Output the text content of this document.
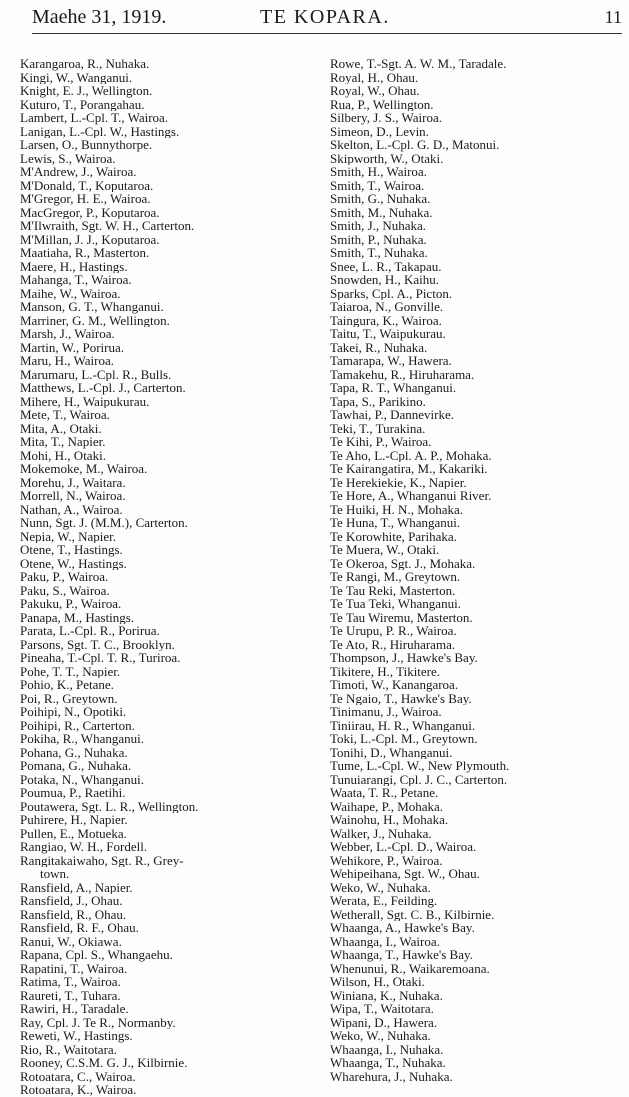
Maehe 31, 1919.	TE KOPARA.	11
Karangaroa, R., Nuhaka.
Kingi, W., Wanganui.
Knight, E. J., Wellington.
Kuturo, T., Porangahau.
Lambert, L.-Cpl. T., Wairoa.
Lanigan, L.-Cpl. W., Hastings.
Larsen, O., Bunnythorpe.
Lewis, S., Wairoa.
M'Andrew, J., Wairoa.
M'Donald, T., Koputaroa.
M'Gregor, H. E., Wairoa.
MacGregor, P., Koputaroa.
M'Ilwraith, Sgt. W. H., Carterton.
M'Millan, J. J., Koputaroa.
Maatiaha, R., Masterton.
Maere, H., Hastings.
Mahanga, T., Wairoa.
Maihe, W., Wairoa.
Manson, G. T., Whanganui.
Marriner, G. M., Wellington.
Marsh, J., Wairoa.
Martin, W., Porirua.
Maru, H., Wairoa.
Marumaru, L.-Cpl. R., Bulls.
Matthews, L.-Cpl. J., Carterton.
Mihere, H., Waipukurau.
Mete, T., Wairoa.
Mita, A., Otaki.
Mita, T., Napier.
Mohi, H., Otaki.
Mokemoke, M., Wairoa.
Morehu, J., Waitara.
Morrell, N., Wairoa.
Nathan, A., Wairoa.
Nunn, Sgt. J. (M.M.), Carterton.
Nepia, W., Napier.
Otene, T., Hastings.
Otene, W., Hastings.
Paku, P., Wairoa.
Paku, S., Wairoa.
Pakuku, P., Wairoa.
Panapa, M., Hastings.
Parata, L.-Cpl. R., Porirua.
Parsons, Sgt. T. C., Brooklyn.
Pineaha, T.-Cpl. T. R., Turiroa.
Pohe, T. T., Napier.
Pohio, K., Petane.
Poi, R., Greytown.
Poihipi, N., Opotiki.
Poihipi, R., Carterton.
Pokiha, R., Whanganui.
Pohana, G., Nuhaka.
Pomana, G., Nuhaka.
Potaka, N., Whanganui.
Poumua, P., Raetihi.
Poutawera, Sgt. L. R., Wellington.
Puhirere, H., Napier.
Pullen, E., Motueka.
Rangiao, W. H., Fordell.
Rangitakaiwaho, Sgt. R., Grey-
town.
Ransfield, A., Napier.
Ransfield, J., Ohau.
Ransfield, R., Ohau.
Ransfield, R. F., Ohau.
Ranui, W., Okiawa.
Rapana, Cpl. S., Whangaehu.
Rapatini, T., Wairoa.
Ratima, T., Wairoa.
Raureti, T., Tuhara.
Rawiri, H., Taradale.
Ray, Cpl. J. Te R., Normanby.
Reweti, W., Hastings.
Rio, R., Waitotara.
Rooney, C.S.M. G. J., Kilbirnie.
Rotoatara, C., Wairoa.
Rotoatara, K., Wairoa.
Rowe, T.-Sgt. A. W. M., Taradale.
Royal, H., Ohau.
Royal, W., Ohau.
Rua, P., Wellington.
Silbery, J. S., Wairoa.
Simeon, D., Levin.
Skelton, L.-Cpl. G. D., Matonui.
Skipworth, W., Otaki.
Smith, H., Wairoa.
Smith, T., Wairoa.
Smith, G., Nuhaka.
Smith, M., Nuhaka.
Smith, J., Nuhaka.
Smith, P., Nuhaka.
Smith, T., Nuhaka.
Snee, L. R., Takapau.
Snowden, H., Kaihu.
Sparks, Cpl. A., Picton.
Taiaroa, N., Gonville.
Taingura, K., Wairoa.
Taitu, T., Waipukurau.
Takei, R., Nuhaka.
Tamarapa, W., Hawera.
Tamakehu, R., Hiruharama.
Tapa, R. T., Whanganui.
Tapa, S., Parikino.
Tawhai, P., Dannevirke.
Teki, T., Turakina.
Te Kihi, P., Wairoa.
Te Aho, L.-Cpl. A. P., Mohaka.
Te Kairangatira, M., Kakariki.
Te Herekiekie, K., Napier.
Te Hore, A., Whanganui River.
Te Huiki, H. N., Mohaka.
Te Huna, T., Whanganui.
Te Korowhite, Parihaka.
Te Muera, W., Otaki.
Te Okeroa, Sgt. J., Mohaka.
Te Rangi, M., Greytown.
Te Tau Reki, Masterton.
Te Tua Teki, Whanganui.
Te Tau Wiremu, Masterton.
Te Urupu, P. R., Wairoa.
Te Ato, R., Hiruharama.
Thompson, J., Hawke's Bay.
Tikitere, H., Tikitere.
Timoti, W., Kanangaroa.
Te Ngaio, T., Hawke's Bay.
Tinimanu, J., Wairoa.
Tiniirau, H. R., Whanganui.
Toki, L.-Cpl. M., Greytown.
Tonihi, D., Whanganui.
Tume, L.-Cpl. W., New Plymouth.
Tunuiarangi, Cpl. J. C., Carterton.
Waata, T. R., Petane.
Waihape, P., Mohaka.
Wainohu, H., Mohaka.
Walker, J., Nuhaka.
Webber, L.-Cpl. D., Wairoa.
Wehikore, P., Wairoa.
Wehipeihana, Sgt. W., Ohau.
Weko, W., Nuhaka.
Werata, E., Feilding.
Wetherall, Sgt. C. B., Kilbirnie.
Whaanga, A., Hawke's Bay.
Whaanga, I., Wairoa.
Whaanga, T., Hawke's Bay.
Whenunui, R., Waikaremoana.
Wilson, H., Otaki.
Winiana, K., Nuhaka.
Wipa, T., Waitotara.
Wipani, D., Hawera.
Weko, W., Nuhaka.
Whaanga, I., Nuhaka.
Whaanga, T., Nuhaka.
Wharehura, J., Nuhaka.
